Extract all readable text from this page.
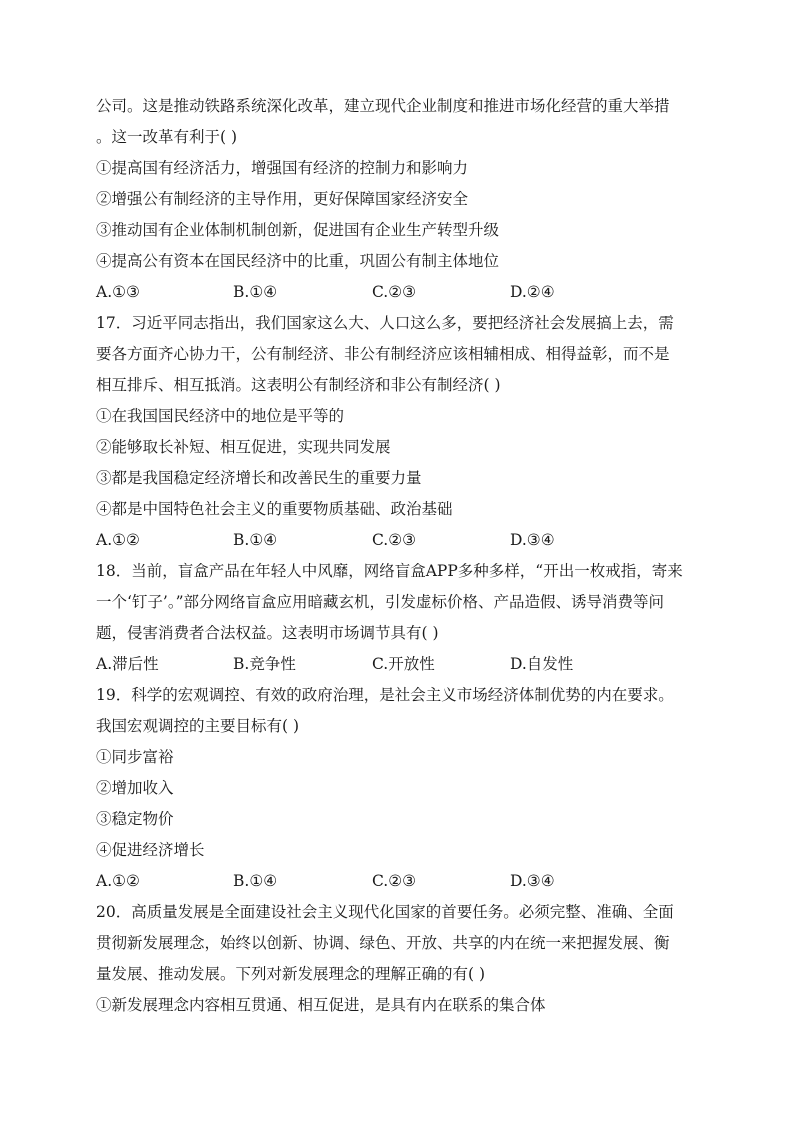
公司。这是推动铁路系统深化改革，建立现代企业制度和推进市场化经营的重大举措
。这一改革有利于( )
①提高国有经济活力，增强国有经济的控制力和影响力
②增强公有制经济的主导作用，更好保障国家经济安全
③推动国有企业体制机制创新，促进国有企业生产转型升级
④提高公有资本在国民经济中的比重，巩固公有制主体地位
A.①③	B.①④	C.②③	D.②④
17．习近平同志指出，我们国家这么大、人口这么多，要把经济社会发展搞上去，需
要各方面齐心协力干，公有制经济、非公有制经济应该相辅相成、相得益彰，而不是
相互排斥、相互抵消。这表明公有制经济和非公有制经济( )
①在我国国民经济中的地位是平等的
②能够取长补短、相互促进，实现共同发展
③都是我国稳定经济增长和改善民生的重要力量
④都是中国特色社会主义的重要物质基础、政治基础
A.①②	B.①④	C.②③	D.③④
18．当前，盲盒产品在年轻人中风靡，网络盲盒APP多种多样，“开出一枚戒指，寄来
一个‘钉子’。”部分网络盲盒应用暗藏玄机，引发虚标价格、产品造假、诱导消费等问
题，侵害消费者合法权益。这表明市场调节具有( )
A.滞后性	B.竞争性	C.开放性	D.自发性
19．科学的宏观调控、有效的政府治理，是社会主义市场经济体制优势的内在要求。
我国宏观调控的主要目标有( )
①同步富裕
②增加收入
③稳定物价
④促进经济增长
A.①②	B.①④	C.②③	D.③④
20．高质量发展是全面建设社会主义现代化国家的首要任务。必须完整、准确、全面
贯彻新发展理念，始终以创新、协调、绿色、开放、共享的内在统一来把握发展、衡
量发展、推动发展。下列对新发展理念的理解正确的有( )
①新发展理念内容相互贯通、相互促进，是具有内在联系的集合体
